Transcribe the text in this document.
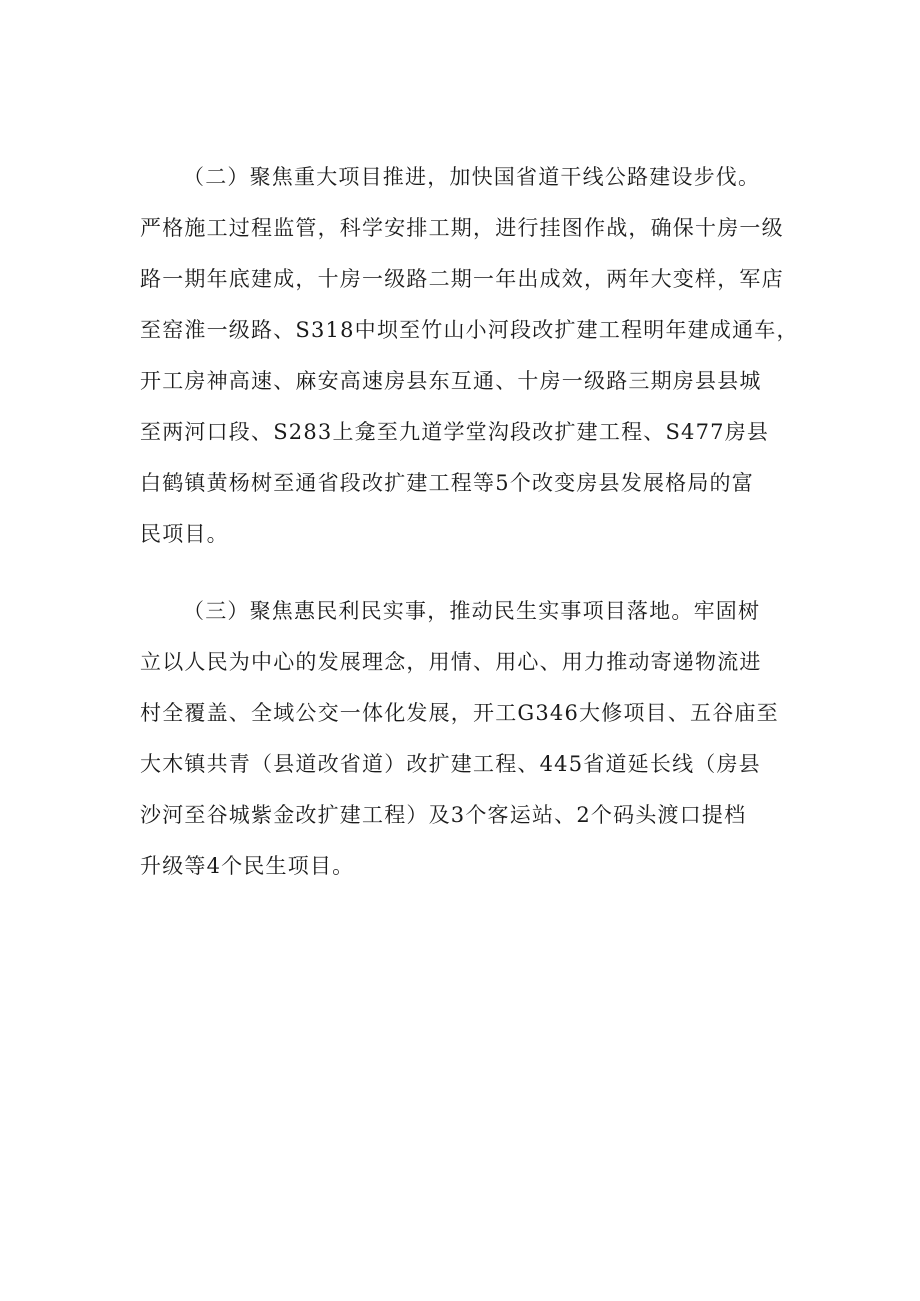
（二）聚焦重大项目推进，加快国省道干线公路建设步伐。
严格施工过程监管，科学安排工期，进行挂图作战，确保十房一级
路一期年底建成，十房一级路二期一年出成效，两年大变样，军店
至窑淮一级路、S318中坝至竹山小河段改扩建工程明年建成通车，
开工房神高速、麻安高速房县东互通、十房一级路三期房县县城
至两河口段、S283上龛至九道学堂沟段改扩建工程、S477房县
白鹤镇黄杨树至通省段改扩建工程等5个改变房县发展格局的富
民项目。
（三）聚焦惠民利民实事，推动民生实事项目落地。牢固树
立以人民为中心的发展理念，用情、用心、用力推动寄递物流进
村全覆盖、全域公交一体化发展，开工G346大修项目、五谷庙至
大木镇共青（县道改省道）改扩建工程、445省道延长线（房县
沙河至谷城紫金改扩建工程）及3个客运站、2个码头渡口提档
升级等4个民生项目。
